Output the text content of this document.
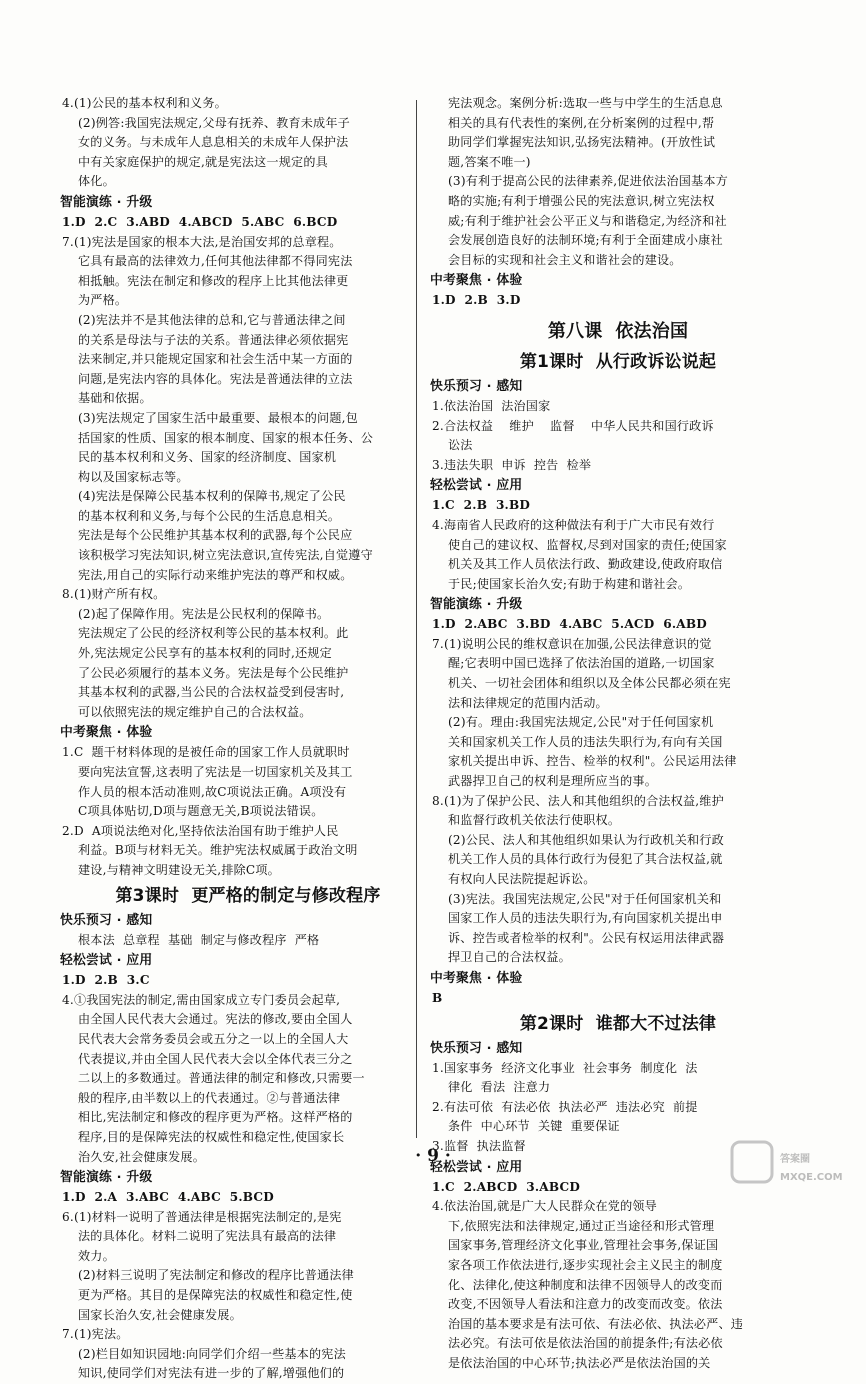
4.(1)公民的基本权利和义务。

(2)例答:我国宪法规定,父母有抚养、教育未成年子

女的义务。与未成年人息息相关的未成年人保护法

中有关家庭保护的规定,就是宪法这一规定的具

体化。

智能演练 · 升级

1.D  2.C  3.ABD  4.ABCD  5.ABC  6.BCD

7.(1)宪法是国家的根本大法,是治国安邦的总章程。

它具有最高的法律效力,任何其他法律都不得同宪法

相抵触。宪法在制定和修改的程序上比其他法律更

为严格。

(2)宪法并不是其他法律的总和,它与普通法律之间

的关系是母法与子法的关系。普通法律必须依据宪

法来制定,并只能规定国家和社会生活中某一方面的

问题,是宪法内容的具体化。宪法是普通法律的立法

基础和依据。

(3)宪法规定了国家生活中最重要、最根本的问题,包

括国家的性质、国家的根本制度、国家的根本任务、公

民的基本权利和义务、国家的经济制度、国家机

构以及国家标志等。

(4)宪法是保障公民基本权利的保障书,规定了公民

的基本权利和义务,与每个公民的生活息息相关。

宪法是每个公民维护其基本权利的武器,每个公民应

该积极学习宪法知识,树立宪法意识,宣传宪法,自觉遵守

宪法,用自己的实际行动来维护宪法的尊严和权威。

8.(1)财产所有权。

(2)起了保障作用。宪法是公民权利的保障书。

宪法规定了公民的经济权利等公民的基本权利。此

外,宪法规定公民享有的基本权利的同时,还规定

了公民必须履行的基本义务。宪法是每个公民维护

其基本权利的武器,当公民的合法权益受到侵害时,

可以依照宪法的规定维护自己的合法权益。

中考聚焦 · 体验

1.C  题干材料体现的是被任命的国家工作人员就职时

要向宪法宣誓,这表明了宪法是一切国家机关及其工

作人员的根本活动准则,故C项说法正确。A项没有

C项具体贴切,D项与题意无关,B项说法错误。

2.D  A项说法绝对化,坚持依法治国有助于维护人民

利益。B项与材料无关。维护宪法权威属于政治文明

建设,与精神文明建设无关,排除C项。

第3课时  更严格的制定与修改程序

快乐预习 · 感知

根本法  总章程  基础  制定与修改程序  严格

轻松尝试 · 应用

1.D  2.B  3.C

4.①我国宪法的制定,需由国家成立专门委员会起草,

由全国人民代表大会通过。宪法的修改,要由全国人

民代表大会常务委员会或五分之一以上的全国人大

代表提议,并由全国人民代表大会以全体代表三分之

二以上的多数通过。普通法律的制定和修改,只需要一

般的程序,由半数以上的代表通过。②与普通法律

相比,宪法制定和修改的程序更为严格。这样严格的

程序,目的是保障宪法的权威性和稳定性,使国家长

治久安,社会健康发展。

智能演练 · 升级

1.D  2.A  3.ABC  4.ABC  5.BCD

6.(1)材料一说明了普通法律是根据宪法制定的,是宪

法的具体化。材料二说明了宪法具有最高的法律

效力。

(2)材料三说明了宪法制定和修改的程序比普通法律

更为严格。其目的是保障宪法的权威性和稳定性,使

国家长治久安,社会健康发展。

7.(1)宪法。

(2)栏目如知识园地:向同学们介绍一些基本的宪法

知识,使同学们对宪法有进一步的了解,增强他们的

宪法观念。案例分析:选取一些与中学生的生活息息

相关的具有代表性的案例,在分析案例的过程中,帮

助同学们掌握宪法知识,弘扬宪法精神。(开放性试

题,答案不唯一)

(3)有利于提高公民的法律素养,促进依法治国基本方

略的实施;有利于增强公民的宪法意识,树立宪法权

威;有利于维护社会公平正义与和谐稳定,为经济和社

会发展创造良好的法制环境;有利于全面建成小康社

会目标的实现和社会主义和谐社会的建设。

中考聚焦 · 体验

1.D  2.B  3.D

第八课  依法治国

第1课时  从行政诉讼说起

快乐预习 · 感知

1.依法治国  法治国家

2.合法权益    维护    监督    中华人民共和国行政诉

讼法

3.违法失职  申诉  控告  检举

轻松尝试 · 应用

1.C  2.B  3.BD

4.海南省人民政府的这种做法有利于广大市民有效行

使自己的建议权、监督权,尽到对国家的责任;使国家

机关及其工作人员依法行政、勤政建设,使政府取信

于民;使国家长治久安;有助于构建和谐社会。

智能演练 · 升级

1.D  2.ABC  3.BD  4.ABC  5.ACD  6.ABD

7.(1)说明公民的维权意识在加强,公民法律意识的觉

醒;它表明中国已选择了依法治国的道路,一切国家

机关、一切社会团体和组织以及全体公民都必须在宪

法和法律规定的范围内活动。

(2)有。理由:我国宪法规定,公民"对于任何国家机

关和国家机关工作人员的违法失职行为,有向有关国

家机关提出申诉、控告、检举的权利"。公民运用法律

武器捍卫自己的权利是理所应当的事。

8.(1)为了保护公民、法人和其他组织的合法权益,维护

和监督行政机关依法行使职权。

(2)公民、法人和其他组织如果认为行政机关和行政

机关工作人员的具体行政行为侵犯了其合法权益,就

有权向人民法院提起诉讼。

(3)宪法。我国宪法规定,公民"对于任何国家机关和

国家工作人员的违法失职行为,有向国家机关提出申

诉、控告或者检举的权利"。公民有权运用法律武器

捍卫自己的合法权益。

中考聚焦 · 体验

B

第2课时  谁都大不过法律

快乐预习 · 感知

1.国家事务  经济文化事业  社会事务  制度化  法

律化  看法  注意力

2.有法可依  有法必依  执法必严  违法必究  前提

条件  中心环节  关键  重要保证

3.监督  执法监督

轻松尝试 · 应用

1.C  2.ABCD  3.ABCD

4.依法治国,就是广大人民群众在党的领导

下,依照宪法和法律规定,通过正当途径和形式管理

国家事务,管理经济文化事业,管理社会事务,保证国

家各项工作依法进行,逐步实现社会主义民主的制度

化、法律化,使这种制度和法律不因领导人的改变而

改变,不因领导人看法和注意力的改变而改变。依法

治国的基本要求是有法可依、有法必依、执法必严、违

法必究。有法可依是依法治国的前提条件;有法必依

是依法治国的中心环节;执法必严是依法治国的关

· 9 ·	答案圈
MXQE.COM
